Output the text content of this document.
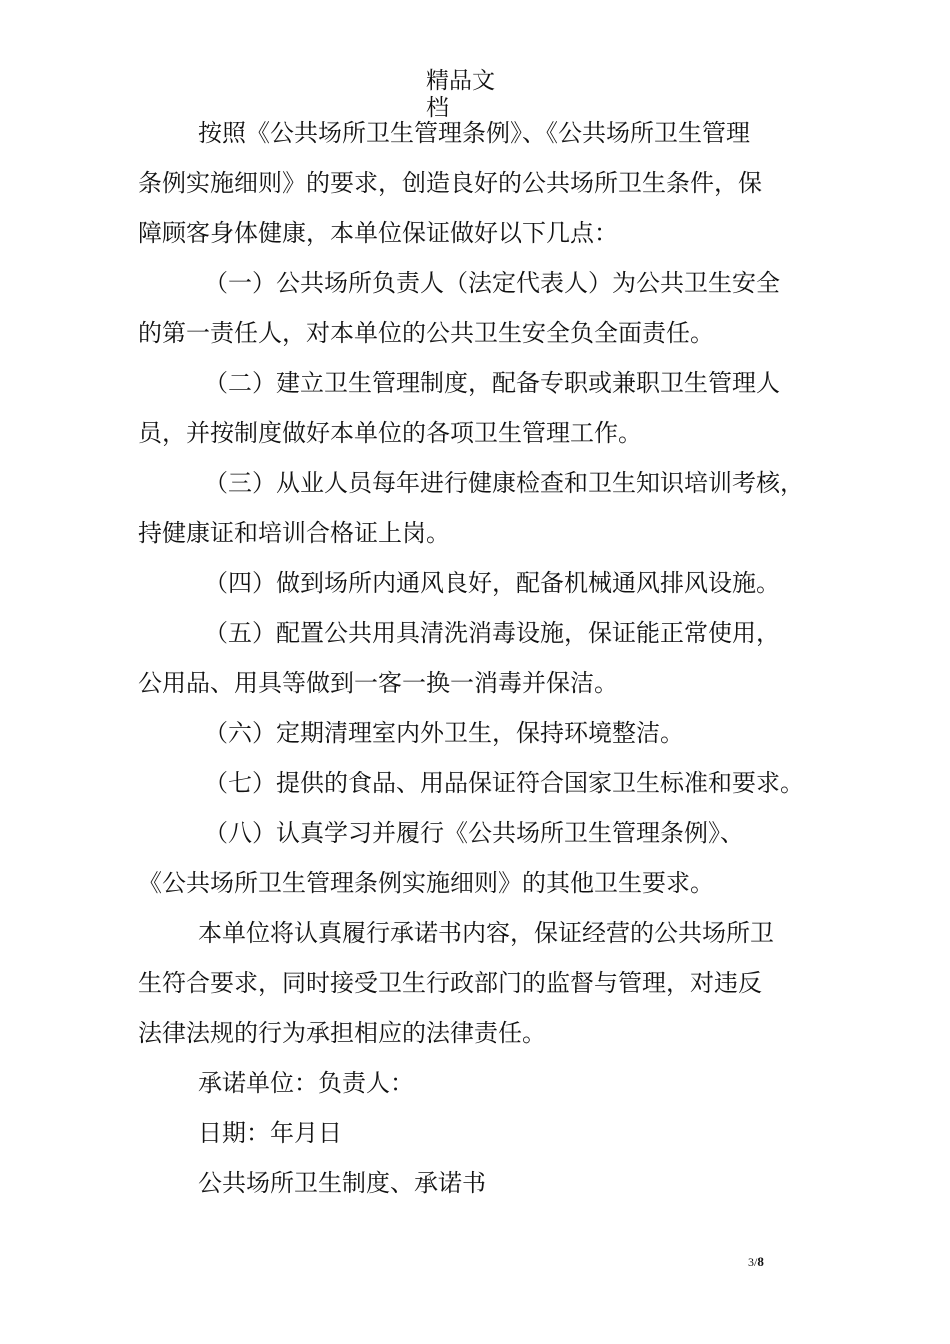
精品文档
按照《公共场所卫生管理条例》、《公共场所卫生管理
条例实施细则》的要求，创造良好的公共场所卫生条件，保
障顾客身体健康，本单位保证做好以下几点：
（一）公共场所负责人（法定代表人）为公共卫生安全
的第一责任人，对本单位的公共卫生安全负全面责任。
（二）建立卫生管理制度，配备专职或兼职卫生管理人
员，并按制度做好本单位的各项卫生管理工作。
（三）从业人员每年进行健康检查和卫生知识培训考核，
持健康证和培训合格证上岗。
（四）做到场所内通风良好，配备机械通风排风设施。
（五）配置公共用具清洗消毒设施，保证能正常使用，
公用品、用具等做到一客一换一消毒并保洁。
（六）定期清理室内外卫生，保持环境整洁。
（七）提供的食品、用品保证符合国家卫生标准和要求。
（八）认真学习并履行《公共场所卫生管理条例》、
《公共场所卫生管理条例实施细则》的其他卫生要求。
本单位将认真履行承诺书内容，保证经营的公共场所卫
生符合要求，同时接受卫生行政部门的监督与管理，对违反
法律法规的行为承担相应的法律责任。
承诺单位：负责人：
日期：年月日
公共场所卫生制度、承诺书
3/8
